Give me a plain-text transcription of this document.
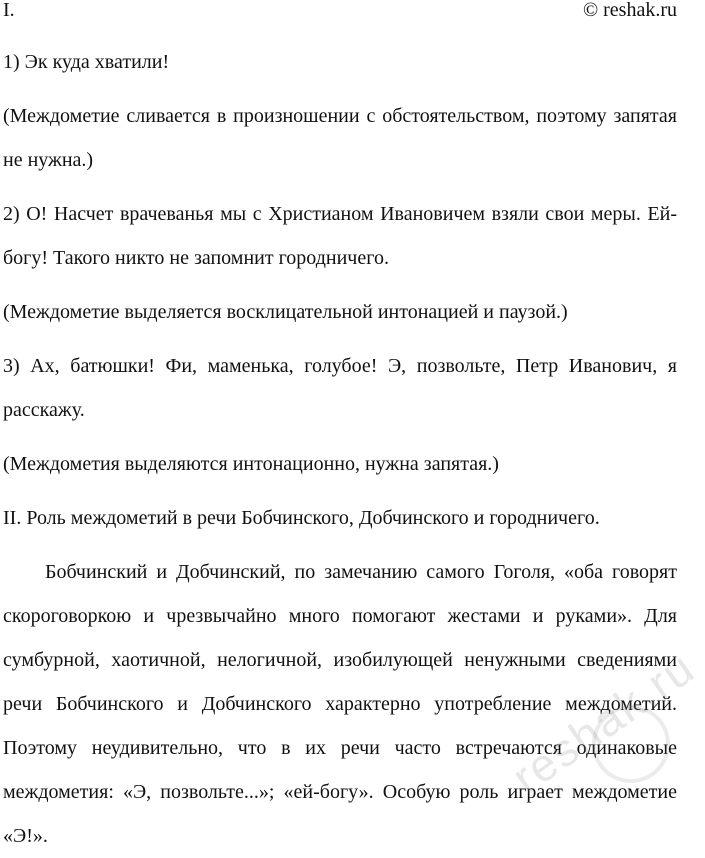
I.	© reshak.ru

1) Эк куда хватили!

(Междометие сливается в произношении с обстоятельством, поэтому запятая не нужна.)

2) О! Насчет врачеванья мы с Христианом Ивановичем взяли свои меры. Ей-богу! Такого никто не запомнит городничего.

(Междометие выделяется восклицательной интонацией и паузой.)

3) Ах, батюшки! Фи, маменька, голубое! Э, позвольте, Петр Иванович, я расскажу.

(Междометия выделяются интонационно, нужна запятая.)

II. Роль междометий в речи Бобчинского, Добчинского и городничего.

Бобчинский и Добчинский, по замечанию самого Гоголя, «оба говорят скороговоркою и чрезвычайно много помогают жестами и руками». Для сумбурной, хаотичной, нелогичной, изобилующей ненужными сведениями речи Бобчинского и Добчинского характерно употребление междометий. Поэтому неудивительно, что в их речи часто встречаются одинаковые междометия: «Э, позвольте...»; «ей-богу». Особую роль играет междометие «Э!».

reshak.ru
